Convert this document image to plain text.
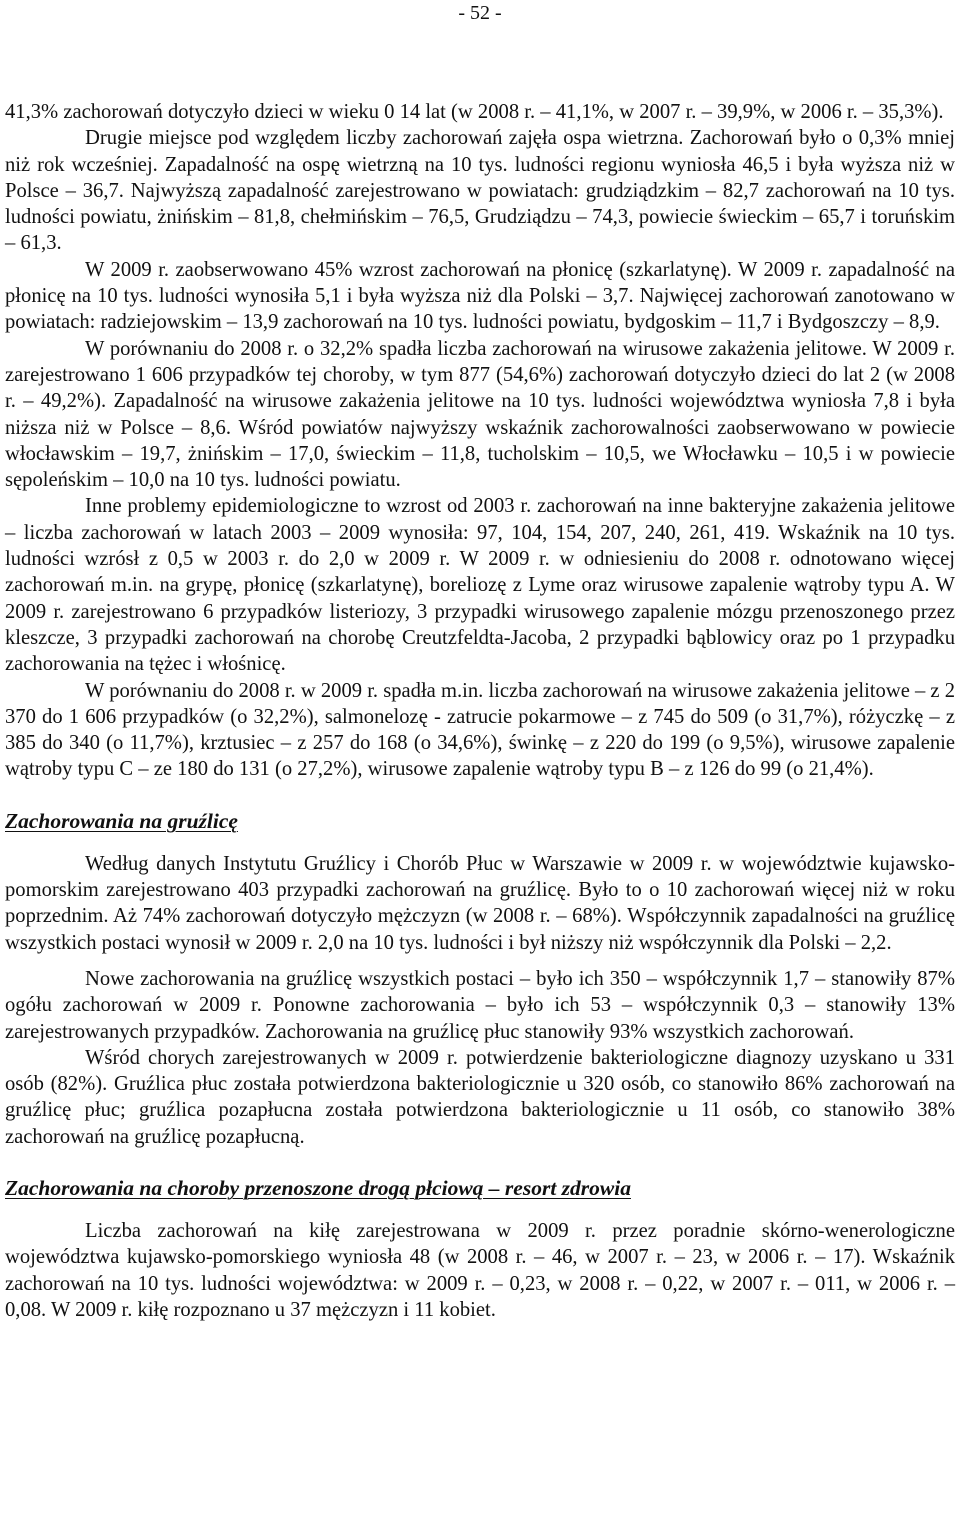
- 52 -

41,3% zachorowań dotyczyło dzieci w wieku 0 14 lat (w 2008 r. – 41,1%, w 2007 r. – 39,9%, w 2006 r. – 35,3%).

Drugie miejsce pod względem liczby zachorowań zajęła ospa wietrzna. Zachorowań było o 0,3% mniej niż rok wcześniej. Zapadalność na ospę wietrzną na 10 tys. ludności regionu wyniosła 46,5 i była wyższa niż w Polsce – 36,7. Najwyższą zapadalność zarejestrowano w powiatach: grudziądzkim – 82,7 zachorowań na 10 tys. ludności powiatu, żnińskim – 81,8, chełmińskim – 76,5, Grudziądzu – 74,3, powiecie świeckim – 65,7 i toruńskim – 61,3.

W 2009 r. zaobserwowano 45% wzrost zachorowań na płonicę (szkarlatynę). W 2009 r. zapadalność na płonicę na 10 tys. ludności wynosiła 5,1 i była wyższa niż dla Polski – 3,7. Najwięcej zachorowań zanotowano w powiatach: radziejowskim – 13,9 zachorowań na 10 tys. ludności powiatu, bydgoskim – 11,7 i Bydgoszczy – 8,9.

W porównaniu do 2008 r. o 32,2% spadła liczba zachorowań na wirusowe zakażenia jelitowe. W 2009 r. zarejestrowano 1 606 przypadków tej choroby, w tym 877 (54,6%) zachorowań dotyczyło dzieci do lat 2 (w 2008 r. – 49,2%). Zapadalność na wirusowe zakażenia jelitowe na 10 tys. ludności województwa wyniosła 7,8 i była niższa niż w Polsce – 8,6. Wśród powiatów najwyższy wskaźnik zachorowalności zaobserwowano w powiecie włocławskim – 19,7, żnińskim – 17,0, świeckim – 11,8, tucholskim – 10,5, we Włocławku – 10,5 i w powiecie sępoleńskim – 10,0 na 10 tys. ludności powiatu.

Inne problemy epidemiologiczne to wzrost od 2003 r. zachorowań na inne bakteryjne zakażenia jelitowe – liczba zachorowań w latach 2003 – 2009 wynosiła: 97, 104, 154, 207, 240, 261, 419. Wskaźnik na 10 tys. ludności wzrósł z 0,5 w 2003 r. do 2,0 w 2009 r. W 2009 r. w odniesieniu do 2008 r. odnotowano więcej zachorowań m.in. na grypę, płonicę (szkarlatynę), boreliozę z Lyme oraz wirusowe zapalenie wątroby typu A. W 2009 r. zarejestrowano 6 przypadków listeriozy, 3 przypadki wirusowego zapalenie mózgu przenoszonego przez kleszcze, 3 przypadki zachorowań na chorobę Creutzfeldta-Jacoba, 2 przypadki bąblowicy oraz po 1 przypadku zachorowania na tężec i włośnicę.

W porównaniu do 2008 r. w 2009 r. spadła m.in. liczba zachorowań na wirusowe zakażenia jelitowe – z 2 370 do 1 606 przypadków (o 32,2%), salmonelozę - zatrucie pokarmowe – z 745 do 509 (o 31,7%), różyczkę – z 385 do 340 (o 11,7%), krztusiec – z 257 do 168 (o 34,6%), świnkę – z 220 do 199 (o 9,5%), wirusowe zapalenie wątroby typu C – ze 180 do 131 (o 27,2%), wirusowe zapalenie wątroby typu B – z 126 do 99 (o 21,4%).

Zachorowania na gruźlicę

Według danych Instytutu Gruźlicy i Chorób Płuc w Warszawie w 2009 r. w województwie kujawsko-pomorskim zarejestrowano 403 przypadki zachorowań na gruźlicę. Było to o 10 zachorowań więcej niż w roku poprzednim. Aż 74% zachorowań dotyczyło mężczyzn (w 2008 r. – 68%). Współczynnik zapadalności na gruźlicę wszystkich postaci wynosił w 2009 r. 2,0 na 10 tys. ludności i był niższy niż współczynnik dla Polski – 2,2.

Nowe zachorowania na gruźlicę wszystkich postaci – było ich 350 – współczynnik 1,7 – stanowiły 87% ogółu zachorowań w 2009 r. Ponowne zachorowania – było ich 53 – współczynnik 0,3 – stanowiły 13% zarejestrowanych przypadków. Zachorowania na gruźlicę płuc stanowiły 93% wszystkich zachorowań.

Wśród chorych zarejestrowanych w 2009 r. potwierdzenie bakteriologiczne diagnozy uzyskano u 331 osób (82%). Gruźlica płuc została potwierdzona bakteriologicznie u 320 osób, co stanowiło 86% zachorowań na gruźlicę płuc; gruźlica pozapłucna została potwierdzona bakteriologicznie u 11 osób, co stanowiło 38% zachorowań na gruźlicę pozapłucną.

Zachorowania na choroby przenoszone drogą płciową – resort zdrowia

Liczba zachorowań na kiłę zarejestrowana w 2009 r. przez poradnie skórno-wenerologiczne województwa kujawsko-pomorskiego wyniosła 48 (w 2008 r. – 46, w 2007 r. – 23, w 2006 r. – 17). Wskaźnik zachorowań na 10 tys. ludności województwa: w 2009 r. – 0,23, w 2008 r. – 0,22, w 2007 r. – 011, w 2006 r. – 0,08. W 2009 r. kiłę rozpoznano u 37 mężczyzn i 11 kobiet.
